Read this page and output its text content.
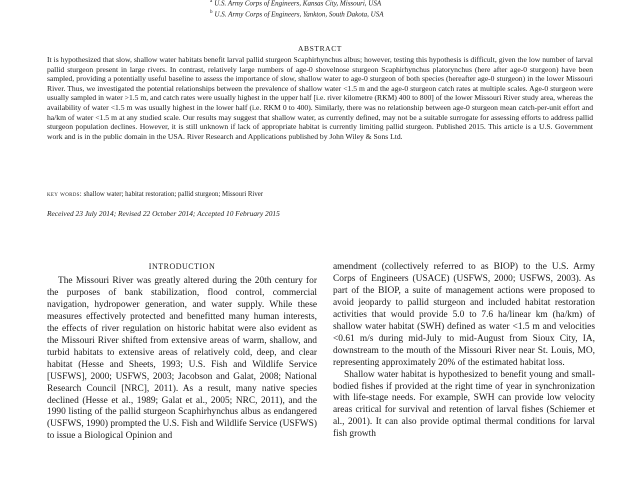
$^a$ U.S. Army Corps of Engineers, Kansas City, Missouri, USA
$^b$ U.S. Army Corps of Engineers, Yankton, South Dakota, USA
ABSTRACT

It is hypothesized that slow, shallow water habitats benefit larval pallid sturgeon Scaphirhynchus albus; however, testing this hypothesis is difficult, given the low number of larval pallid sturgeon present in large rivers. In contrast, relatively large numbers of age-0 shovelnose sturgeon Scaphirhynchus platorynchus (here after age-0 sturgeon) have been sampled, providing a potentially useful baseline to assess the importance of slow, shallow water to age-0 sturgeon of both species (hereafter age-0 sturgeon) in the lower Missouri River. Thus, we investigated the potential relationships between the prevalence of shallow water <1.5 m and the age-0 sturgeon catch rates at multiple scales. Age-0 sturgeon were usually sampled in water >1.5 m, and catch rates were usually highest in the upper half [i.e. river kilometre (RKM) 400 to 800] of the lower Missouri River study area, whereas the availability of water <1.5 m was usually highest in the lower half (i.e. RKM 0 to 400). Similarly, there was no relationship between age-0 sturgeon mean catch-per-unit effort and ha/km of water <1.5 m at any studied scale. Our results may suggest that shallow water, as currently defined, may not be a suitable surrogate for assessing efforts to address pallid sturgeon population declines. However, it is still unknown if lack of appropriate habitat is currently limiting pallid sturgeon. Published 2015. This article is a U.S. Government work and is in the public domain in the USA. River Research and Applications published by John Wiley & Sons Ltd.

key words: shallow water; habitat restoration; pallid sturgeon; Missouri River
Received 23 July 2014; Revised 22 October 2014; Accepted 10 February 2015
INTRODUCTION

The Missouri River was greatly altered during the 20th century for the purposes of bank stabilization, flood control, commercial navigation, hydropower generation, and water supply. While these measures effectively protected and benefitted many human interests, the effects of river regulation on historic habitat were also evident as the Missouri River shifted from extensive areas of warm, shallow, and turbid habitats to extensive areas of relatively cold, deep, and clear habitat (Hesse and Sheets, 1993; U.S. Fish and Wildlife Service [USFWS], 2000; USFWS, 2003; Jacobson and Galat, 2008; National Research Council [NRC], 2011). As a result, many native species declined (Hesse et al., 1989; Galat et al., 2005; NRC, 2011), and the 1990 listing of the pallid sturgeon Scaphirhynchus albus as endangered (USFWS, 1990) prompted the U.S. Fish and Wildlife Service (USFWS) to issue a Biological Opinion and

amendment (collectively referred to as BIOP) to the U.S. Army Corps of Engineers (USACE) (USFWS, 2000; USFWS, 2003). As part of the BIOP, a suite of management actions were proposed to avoid jeopardy to pallid sturgeon and included habitat restoration activities that would provide 5.0 to 7.6 ha/linear km (ha/km) of shallow water habitat (SWH) defined as water <1.5 m and velocities <0.61 m/s during mid-July to mid-August from Sioux City, IA, downstream to the mouth of the Missouri River near St. Louis, MO, representing approximately 20% of the estimated habitat loss.

Shallow water habitat is hypothesized to benefit young and small-bodied fishes if provided at the right time of year in synchronization with life-stage needs. For example, SWH can provide low velocity areas critical for survival and retention of larval fishes (Schiemer et al., 2001). It can also provide optimal thermal conditions for larval fish growth
